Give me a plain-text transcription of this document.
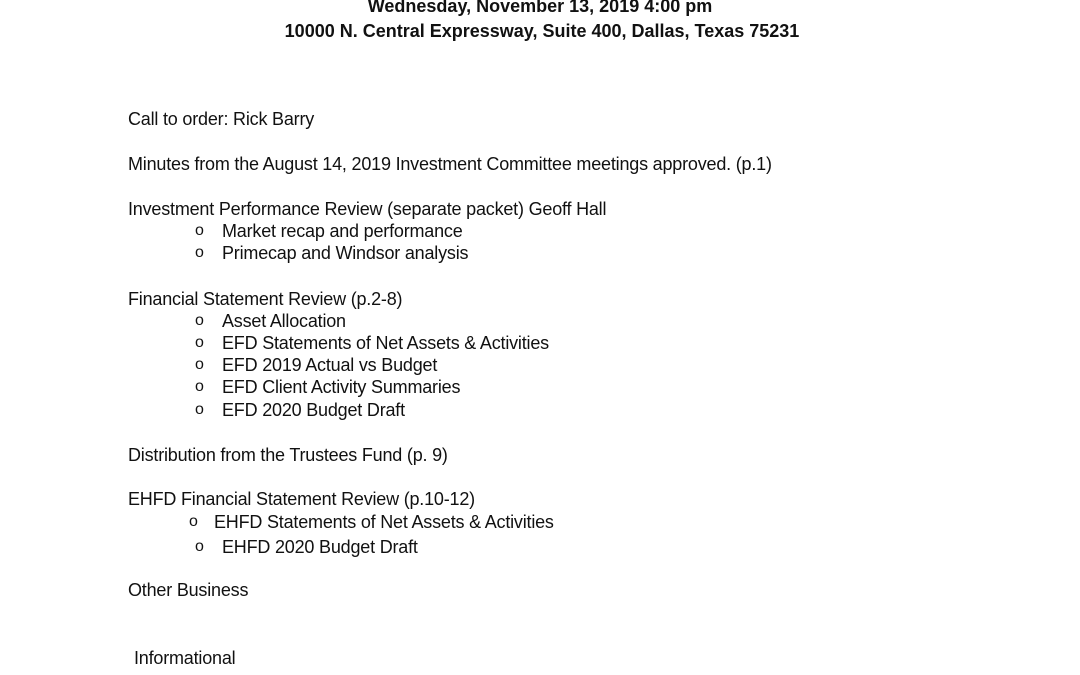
Wednesday, November 13, 2019 4:00 pm
10000 N. Central Expressway, Suite 400, Dallas, Texas 75231
Call to order: Rick Barry
Minutes from the August 14, 2019 Investment Committee meetings approved. (p.1)
Investment Performance Review (separate packet) Geoff Hall
o Market recap and performance
o Primecap and Windsor analysis
Financial Statement Review (p.2-8)
o Asset Allocation
o EFD Statements of Net Assets & Activities
o EFD 2019 Actual vs Budget
o EFD Client Activity Summaries
o EFD 2020 Budget Draft
Distribution from the Trustees Fund (p. 9)
EHFD Financial Statement Review (p.10-12)
o EHFD Statements of Net Assets & Activities
o EHFD 2020 Budget Draft
Other Business
Informational
